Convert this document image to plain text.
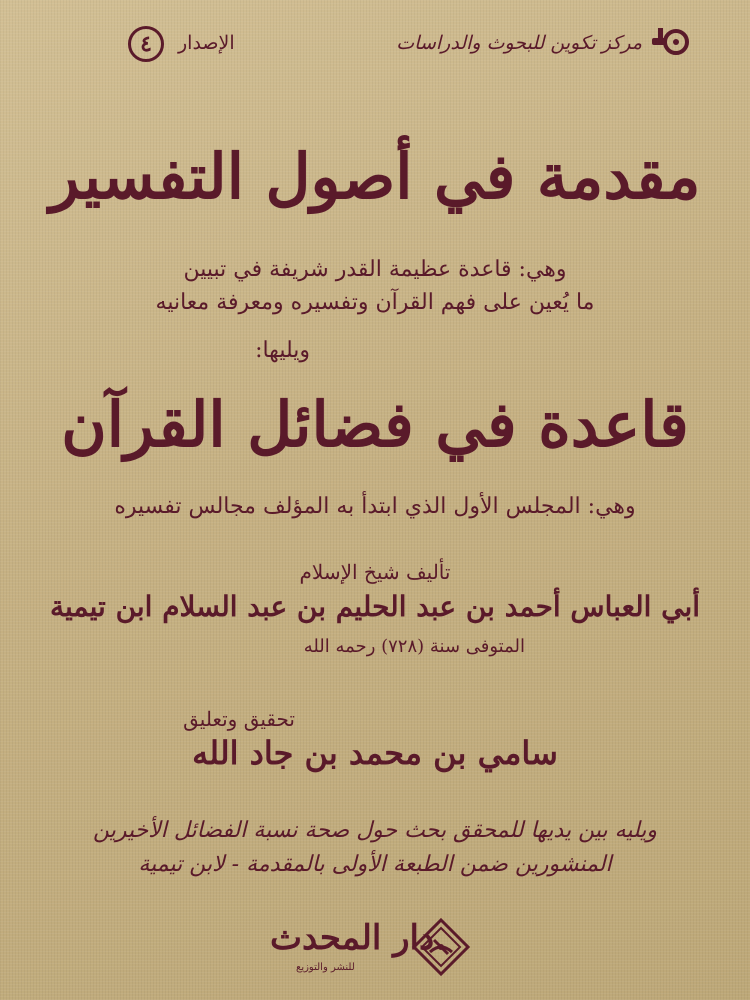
مركز تكوين للبحوث والدراسات
الإصدار
٤
مقدمة في أصول التفسير
وهي: قاعدة عظيمة القدر شريفة في تبيين
ما يُعين على فهم القرآن وتفسيره ومعرفة معانيه
ويليها:
قاعدة في فضائل القرآن
وهي: المجلس الأول الذي ابتدأ به المؤلف مجالس تفسيره
تأليف شيخ الإسلام
أبي العباس أحمد بن عبد الحليم بن عبد السلام ابن تيمية
المتوفى سنة (٧٢٨) رحمه الله
تحقيق وتعليق
سامي بن محمد بن جاد الله
ويليه بين يديها للمحقق بحث حول صحة نسبة الفضائل الأخيرين
المنشورين ضمن الطبعة الأولى بالمقدمة - لابن تيمية
دار المحدث
للنشر والتوزيع
